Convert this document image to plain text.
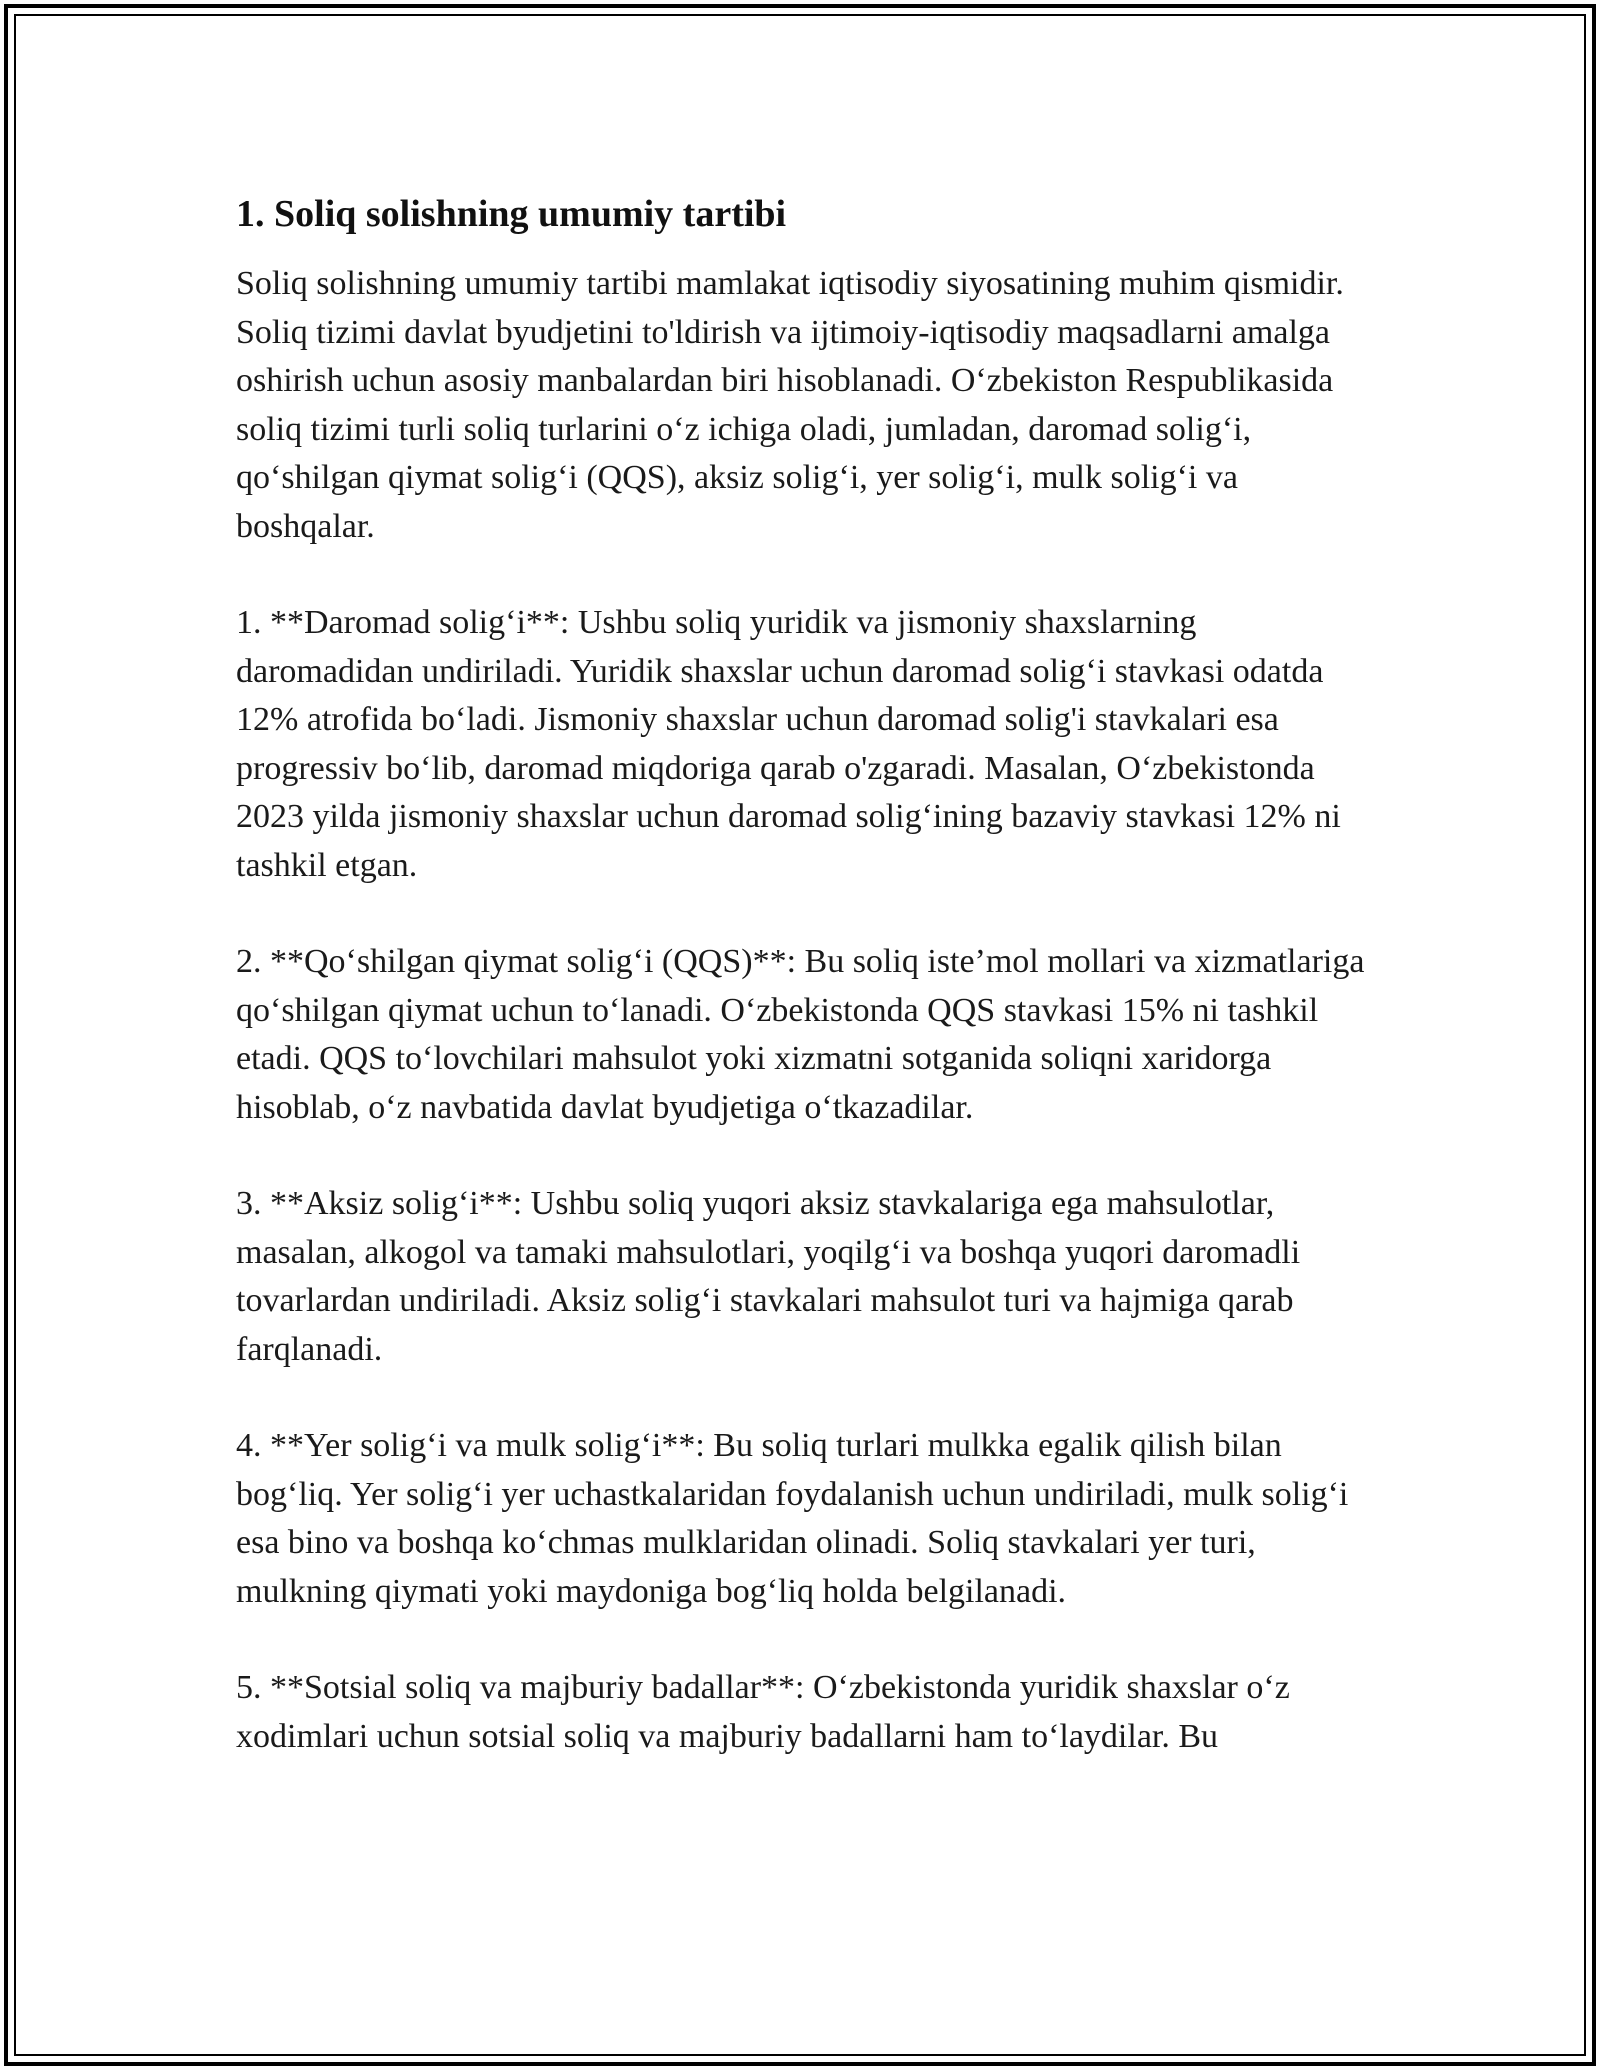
1. Soliq solishning umumiy tartibi

Soliq solishning umumiy tartibi mamlakat iqtisodiy siyosatining muhim qismidir. Soliq tizimi davlat byudjetini to'ldirish va ijtimoiy-iqtisodiy maqsadlarni amalga oshirish uchun asosiy manbalardan biri hisoblanadi. O‘zbekiston Respublikasida soliq tizimi turli soliq turlarini o‘z ichiga oladi, jumladan, daromad solig‘i, qo‘shilgan qiymat solig‘i (QQS), aksiz solig‘i, yer solig‘i, mulk solig‘i va boshqalar.

1. **Daromad solig‘i**: Ushbu soliq yuridik va jismoniy shaxslarning daromadidan undiriladi. Yuridik shaxslar uchun daromad solig‘i stavkasi odatda 12% atrofida bo‘ladi. Jismoniy shaxslar uchun daromad solig'i stavkalari esa progressiv bo‘lib, daromad miqdoriga qarab o'zgaradi. Masalan, O‘zbekistonda 2023 yilda jismoniy shaxslar uchun daromad solig‘ining bazaviy stavkasi 12% ni tashkil etgan.

2. **Qo‘shilgan qiymat solig‘i (QQS)**: Bu soliq iste’mol mollari va xizmatlariga qo‘shilgan qiymat uchun to‘lanadi. O‘zbekistonda QQS stavkasi 15% ni tashkil etadi. QQS to‘lovchilari mahsulot yoki xizmatni sotganida soliqni xaridorga hisoblab, o‘z navbatida davlat byudjetiga o‘tkazadilar.

3. **Aksiz solig‘i**: Ushbu soliq yuqori aksiz stavkalariga ega mahsulotlar, masalan, alkogol va tamaki mahsulotlari, yoqilg‘i va boshqa yuqori daromadli tovarlardan undiriladi. Aksiz solig‘i stavkalari mahsulot turi va hajmiga qarab farqlanadi.

4. **Yer solig‘i va mulk solig‘i**: Bu soliq turlari mulkka egalik qilish bilan bog‘liq. Yer solig‘i yer uchastkalaridan foydalanish uchun undiriladi, mulk solig‘i esa bino va boshqa ko‘chmas mulklaridan olinadi. Soliq stavkalari yer turi, mulkning qiymati yoki maydoniga bog‘liq holda belgilanadi.

5. **Sotsial soliq va majburiy badallar**: O‘zbekistonda yuridik shaxslar o‘z xodimlari uchun sotsial soliq va majburiy badallarni ham to‘laydilar. Bu
